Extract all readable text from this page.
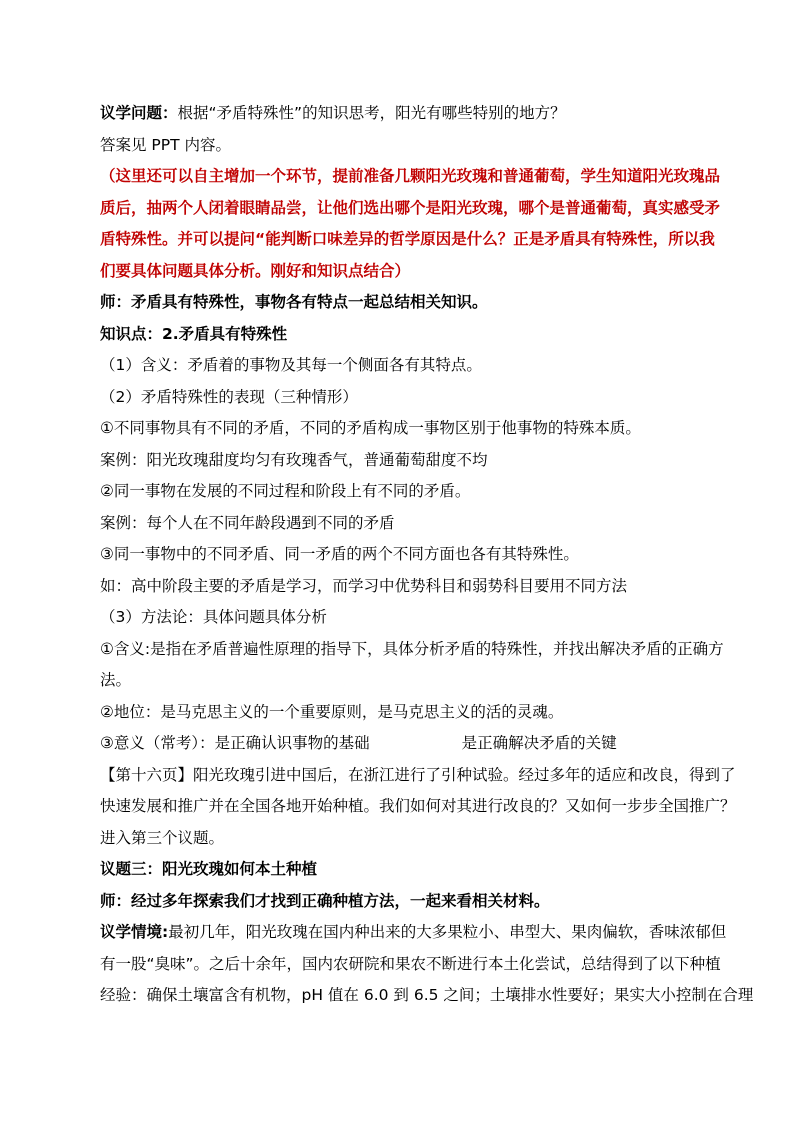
议学问题：根据“矛盾特殊性”的知识思考，阳光有哪些特别的地方？
答案见 PPT 内容。
（这里还可以自主增加一个环节，提前准备几颗阳光玫瑰和普通葡萄，学生知道阳光玫瑰品
质后，抽两个人闭着眼睛品尝，让他们选出哪个是阳光玫瑰，哪个是普通葡萄，真实感受矛
盾特殊性。并可以提问“能判断口味差异的哲学原因是什么？正是矛盾具有特殊性，所以我
们要具体问题具体分析。刚好和知识点结合）
师：矛盾具有特殊性，事物各有特点一起总结相关知识。
知识点：2.矛盾具有特殊性
（1）含义：矛盾着的事物及其每一个侧面各有其特点。
（2）矛盾特殊性的表现（三种情形）
①不同事物具有不同的矛盾，不同的矛盾构成一事物区别于他事物的特殊本质。
案例：阳光玫瑰甜度均匀有玫瑰香气，普通葡萄甜度不均
②同一事物在发展的不同过程和阶段上有不同的矛盾。
案例：每个人在不同年龄段遇到不同的矛盾
③同一事物中的不同矛盾、同一矛盾的两个不同方面也各有其特殊性。
如：高中阶段主要的矛盾是学习，而学习中优势科目和弱势科目要用不同方法
（3）方法论：具体问题具体分析
①含义:是指在矛盾普遍性原理的指导下，具体分析矛盾的特殊性，并找出解决矛盾的正确方
法。
②地位：是马克思主义的一个重要原则，是马克思主义的活的灵魂。
③意义（常考）：是正确认识事物的基础	是正确解决矛盾的关键
【第十六页】阳光玫瑰引进中国后，在浙江进行了引种试验。经过多年的适应和改良，得到了
快速发展和推广并在全国各地开始种植。我们如何对其进行改良的？又如何一步步全国推广？
进入第三个议题。
议题三：阳光玫瑰如何本土种植
师：经过多年探索我们才找到正确种植方法，一起来看相关材料。
议学情境:最初几年，阳光玫瑰在国内种出来的大多果粒小、串型大、果肉偏软，香味浓郁但
有一股“臭味”。之后十余年，国内农研院和果农不断进行本土化尝试，总结得到了以下种植
经验：确保土壤富含有机物，pH 值在 6.0 到 6.5 之间；土壤排水性要好；果实大小控制在合理
